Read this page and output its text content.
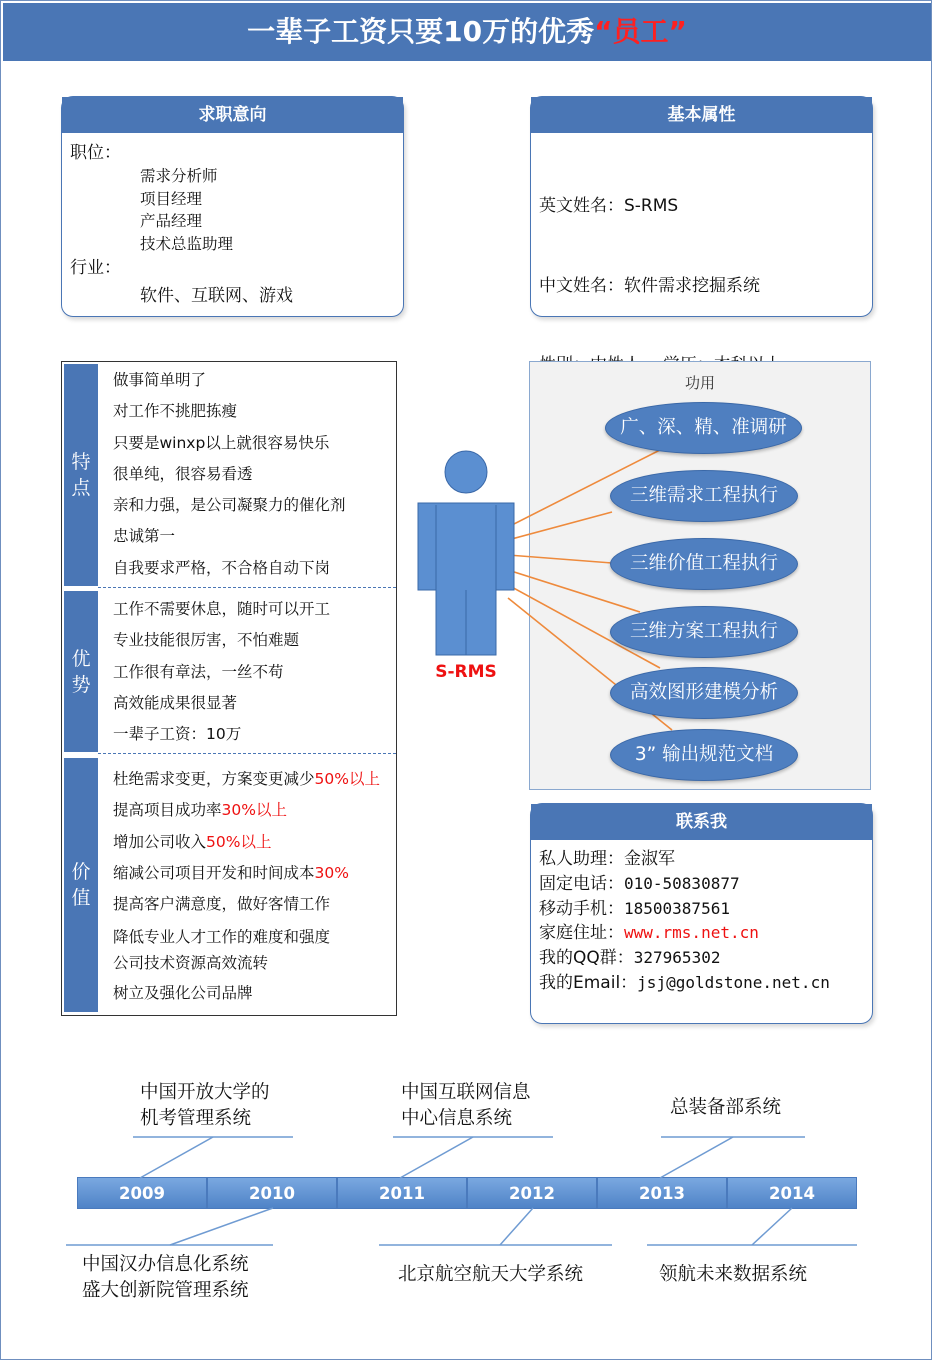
一辈子工资只要10万的优秀“员工”
求职意向
职位：
需求分析师
项目经理
产品经理
技术总监助理
行业：
软件、互联网、游戏
基本属性

英文姓名：S-RMS

中文姓名：软件需求挖掘系统

特
点
做事简单明了
对工作不挑肥拣瘦
只要是winxp以上就很容易快乐
很单纯，很容易看透
亲和力强，是公司凝聚力的催化剂
忠诚第一
自我要求严格，不合格自动下岗
优
势
工作不需要休息，随时可以开工
专业技能很厉害，不怕难题
工作很有章法，一丝不苟
高效能成果很显著
一辈子工资：10万
价
值
杜绝需求变更，方案变更减少50%以上
提高项目成功率30%以上
增加公司收入50%以上
缩减公司项目开发和时间成本30%
提高客户满意度，做好客情工作
降低专业人才工作的难度和强度
公司技术资源高效流转
树立及强化公司品牌
功用
S-RMS
广、深、精、准调研
三维需求工程执行
三维价值工程执行
三维方案工程执行
高效图形建模分析
3” 输出规范文档
联系我
私人助理：金淑军
固定电话：010-50830877
移动手机：18500387561
家庭住址：www.rms.net.cn
我的QQ群：327965302
我的Email：jsj@goldstone.net.cn
2009	2010	2011	2012	2013	2014
中国开放大学的
机考管理系统
中国互联网信息
中心信息系统
总装备部系统
中国汉办信息化系统
盛大创新院管理系统
北京航空航天大学系统	领航未来数据系统
